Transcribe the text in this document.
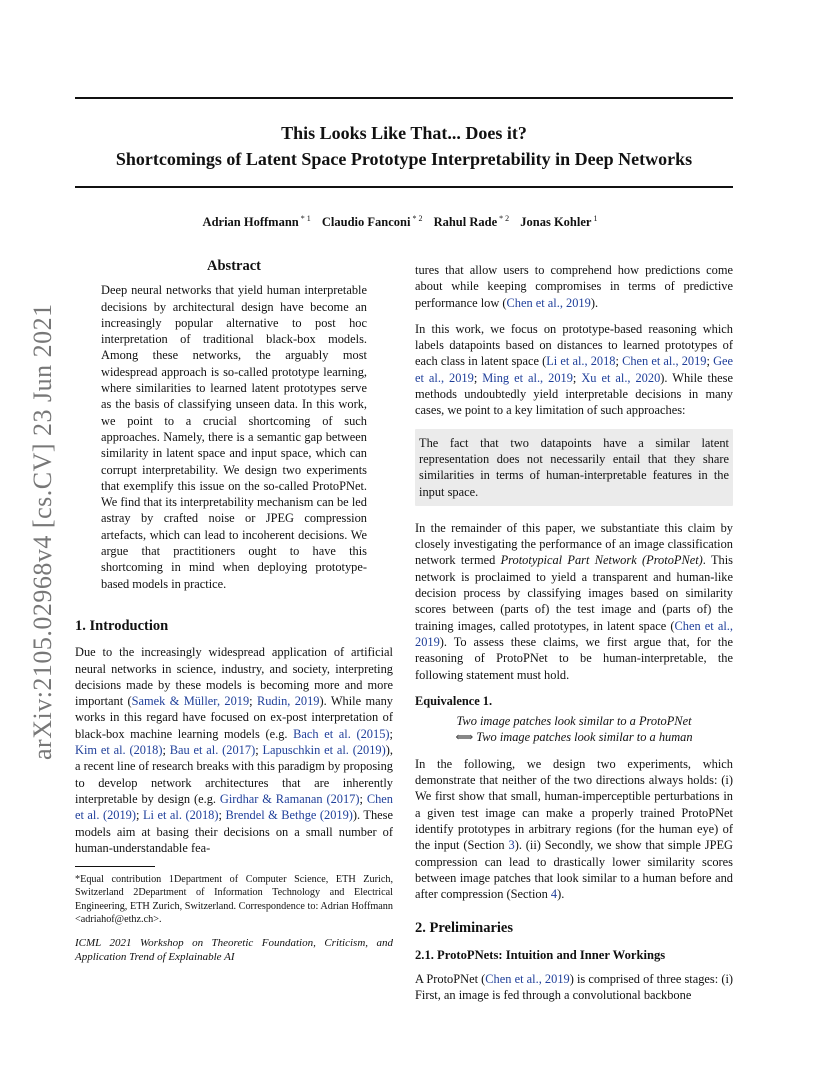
This Looks Like That... Does it?
Shortcomings of Latent Space Prototype Interpretability in Deep Networks
Adrian Hoffmann $^{* 1}$ Claudio Fanconi $^{* 2}$ Rahul Rade $^{* 2}$ Jonas Kohler $^1$
arXiv:2105.02968v4 [cs.CV] 23 Jun 2021
Abstract

Deep neural networks that yield human interpretable decisions by architectural design have become an increasingly popular alternative to post hoc interpretation of traditional black-box models. Among these networks, the arguably most widespread approach is so-called prototype learning, where similarities to learned latent prototypes serve as the basis of classifying unseen data. In this work, we point to a crucial shortcoming of such approaches. Namely, there is a semantic gap between similarity in latent space and input space, which can corrupt interpretability. We design two experiments that exemplify this issue on the so-called ProtoPNet. We find that its interpretability mechanism can be led astray by crafted noise or JPEG compression artefacts, which can lead to incoherent decisions. We argue that practitioners ought to have this shortcoming in mind when deploying prototype-based models in practice.

1. Introduction

Due to the increasingly widespread application of artificial neural networks in science, industry, and society, interpreting decisions made by these models is becoming more and more important (Samek & Müller, 2019; Rudin, 2019). While many works in this regard have focused on ex-post interpretation of black-box machine learning models (e.g. Bach et al. (2015); Kim et al. (2018); Bau et al. (2017); Lapuschkin et al. (2019)), a recent line of research breaks with this paradigm by proposing to develop network architectures that are inherently interpretable by design (e.g. Girdhar & Ramanan (2017); Chen et al. (2019); Li et al. (2018); Brendel & Bethge (2019)). These models aim at basing their decisions on a small number of human-understandable fea-

*Equal contribution 1Department of Computer Science, ETH Zurich, Switzerland 2Department of Information Technology and Electrical Engineering, ETH Zurich, Switzerland. Correspondence to: Adrian Hoffmann <adriahof@ethz.ch>.
ICML 2021 Workshop on Theoretic Foundation, Criticism, and Application Trend of Explainable AI

tures that allow users to comprehend how predictions come about while keeping compromises in terms of predictive performance low (Chen et al., 2019).

In this work, we focus on prototype-based reasoning which labels datapoints based on distances to learned prototypes of each class in latent space (Li et al., 2018; Chen et al., 2019; Gee et al., 2019; Ming et al., 2019; Xu et al., 2020). While these methods undoubtedly yield interpretable decisions in many cases, we point to a key limitation of such approaches:

The fact that two datapoints have a similar latent representation does not necessarily entail that they share similarities in terms of human-interpretable features in the input space.

In the remainder of this paper, we substantiate this claim by closely investigating the performance of an image classification network termed Prototypical Part Network (ProtoPNet). This network is proclaimed to yield a transparent and human-like decision process by classifying images based on similarity scores between (parts of) the test image and (parts of) the training images, called prototypes, in latent space (Chen et al., 2019). To assess these claims, we first argue that, for the reasoning of ProtoPNet to be human-interpretable, the following statement must hold.

Equivalence 1.
Two image patches look similar to a ProtoPNet
⟺ Two image patches look similar to a human

In the following, we design two experiments, which demonstrate that neither of the two directions always holds: (i) We first show that small, human-imperceptible perturbations in a given test image can make a properly trained ProtoPNet identify prototypes in arbitrary regions (for the human eye) of the input (Section 3). (ii) Secondly, we show that simple JPEG compression can lead to drastically lower similarity scores between image patches that look similar to a human before and after compression (Section 4).

2. Preliminaries
2.1. ProtoPNets: Intuition and Inner Workings

A ProtoPNet (Chen et al., 2019) is comprised of three stages: (i) First, an image is fed through a convolutional backbone
